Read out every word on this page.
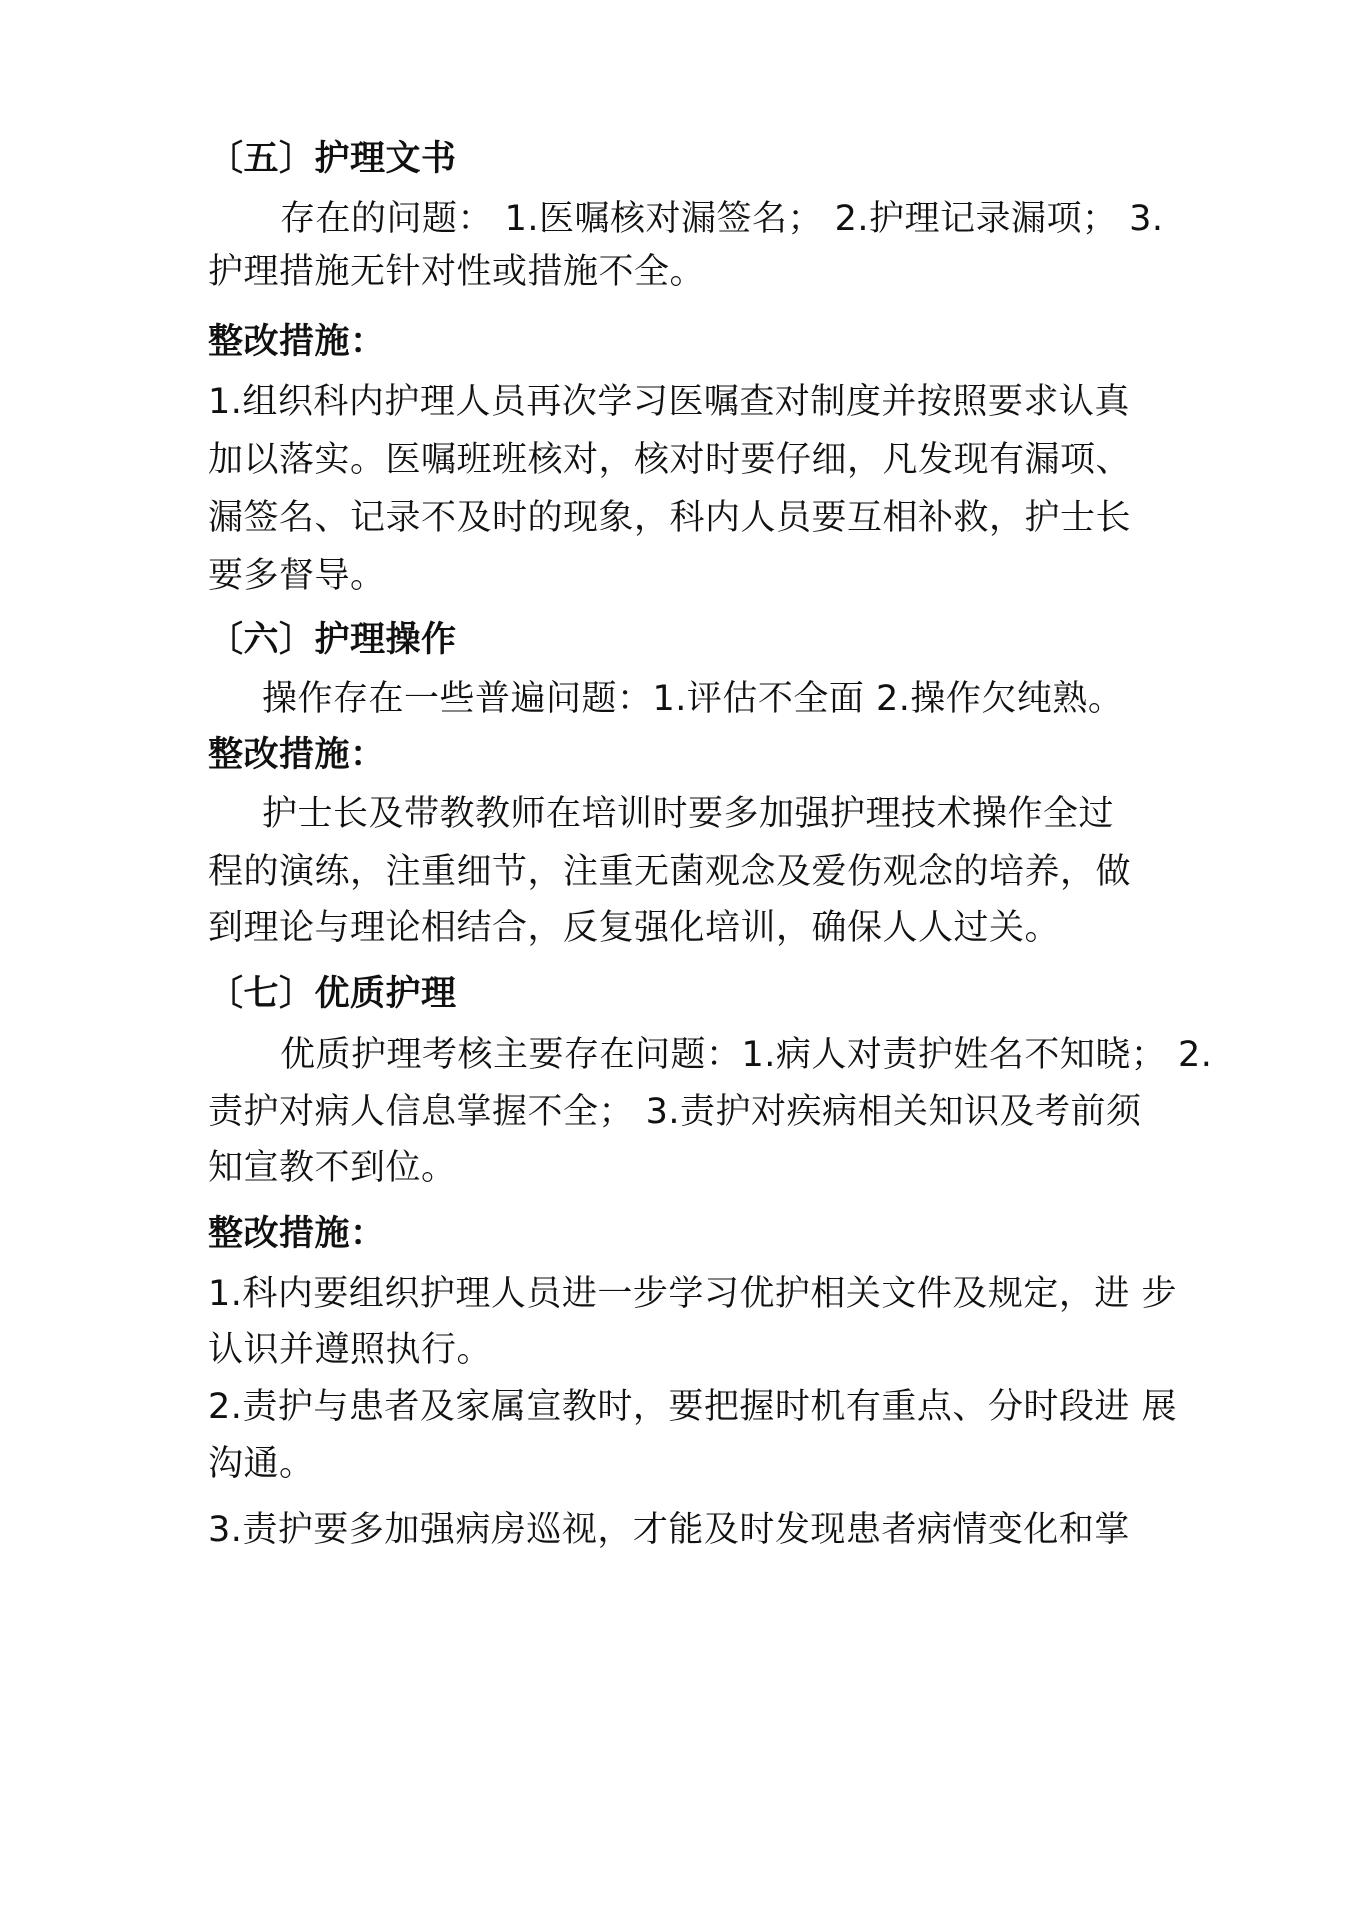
〔五〕护理文书
存在的问题： 1.医嘱核对漏签名； 2.护理记录漏项； 3.
护理措施无针对性或措施不全。
整改措施：
1.组织科内护理人员再次学习医嘱查对制度并按照要求认真
加以落实。医嘱班班核对，核对时要仔细，凡发现有漏项、
漏签名、记录不及时的现象，科内人员要互相补救，护士长
要多督导。
〔六〕护理操作
操作存在一些普遍问题：1.评估不全面 2.操作欠纯熟。
整改措施：
护士长及带教教师在培训时要多加强护理技术操作全过
程的演练，注重细节，注重无菌观念及爱伤观念的培养，做
到理论与理论相结合，反复强化培训，确保人人过关。
〔七〕优质护理
优质护理考核主要存在问题：1.病人对责护姓名不知晓； 2.
责护对病人信息掌握不全； 3.责护对疾病相关知识及考前须
知宣教不到位。
整改措施：
1.科内要组织护理人员进一步学习优护相关文件及规定，进 步
认识并遵照执行。
2.责护与患者及家属宣教时，要把握时机有重点、分时段进 展
沟通。
3.责护要多加强病房巡视，才能及时发现患者病情变化和掌
